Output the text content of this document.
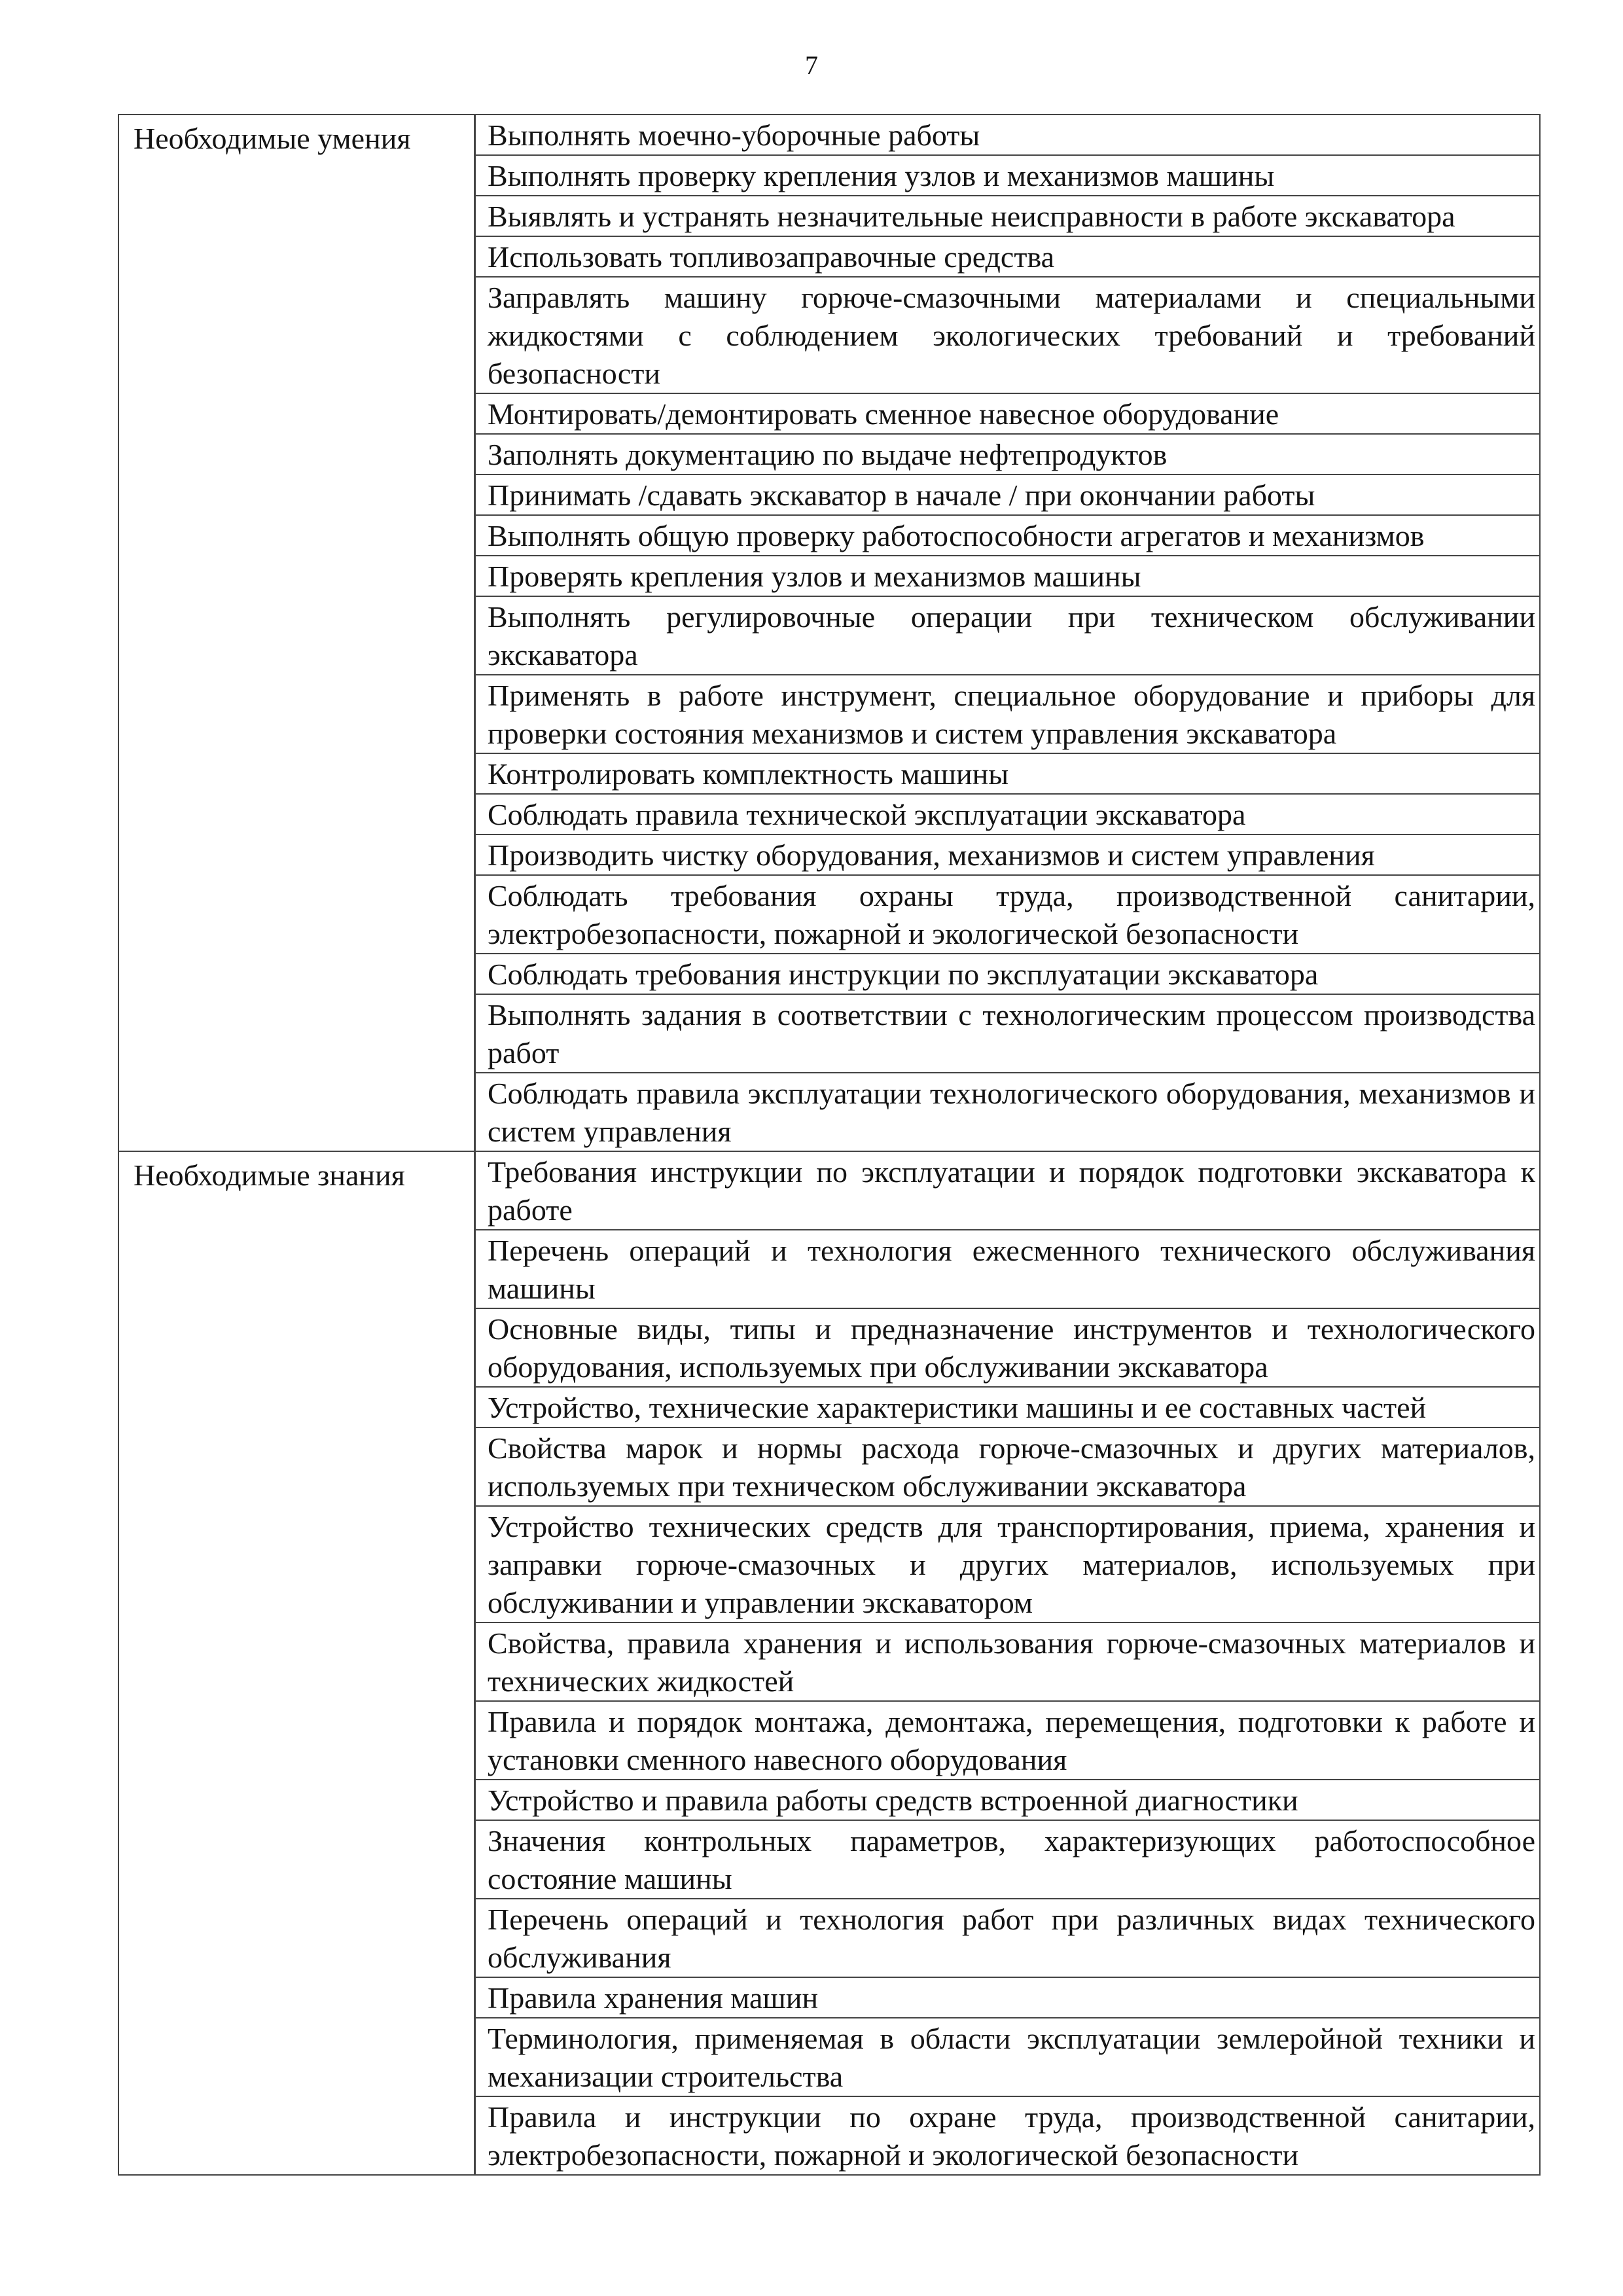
7
Необходимые умения	Выполнять моечно-уборочные работы
Выполнять проверку крепления узлов и механизмов машины
Выявлять и устранять незначительные неисправности в работе экскаватора
Использовать топливозаправочные средства
Заправлять машину горюче-смазочными материалами и специальными жидкостями с соблюдением экологических требований и требований безопасности
Монтировать/демонтировать сменное навесное оборудование
Заполнять документацию по выдаче нефтепродуктов
Принимать /сдавать экскаватор в начале / при окончании работы
Выполнять общую проверку работоспособности агрегатов и механизмов
Проверять крепления узлов и механизмов машины
Выполнять регулировочные операции при техническом обслуживании экскаватора
Применять в работе инструмент, специальное оборудование и приборы для проверки состояния механизмов и систем управления экскаватора
Контролировать комплектность машины
Соблюдать правила технической эксплуатации экскаватора
Производить чистку оборудования, механизмов и систем управления
Соблюдать требования охраны труда, производственной санитарии, электробезопасности, пожарной и экологической безопасности
Соблюдать требования инструкции по эксплуатации экскаватора
Выполнять задания в соответствии с технологическим процессом производства работ
Соблюдать правила эксплуатации технологического оборудования, механизмов и систем управления
Необходимые знания	Требования инструкции по эксплуатации и порядок подготовки экскаватора к работе
Перечень операций и технология ежесменного технического обслуживания машины
Основные виды, типы и предназначение инструментов и технологического оборудования, используемых при обслуживании экскаватора
Устройство, технические характеристики машины и ее составных частей
Свойства марок и нормы расхода горюче-смазочных и других материалов, используемых при техническом обслуживании экскаватора
Устройство технических средств для транспортирования, приема, хранения и заправки горюче-смазочных и других материалов, используемых при обслуживании и управлении экскаватором
Свойства, правила хранения и использования горюче-смазочных материалов и технических жидкостей
Правила и порядок монтажа, демонтажа, перемещения, подготовки к работе и установки сменного навесного оборудования
Устройство и правила работы средств встроенной диагностики
Значения контрольных параметров, характеризующих работоспособное состояние машины
Перечень операций и технология работ при различных видах технического обслуживания
Правила хранения машин
Терминология, применяемая в области эксплуатации землеройной техники и механизации строительства
Правила и инструкции по охране труда, производственной санитарии, электробезопасности, пожарной и экологической безопасности
